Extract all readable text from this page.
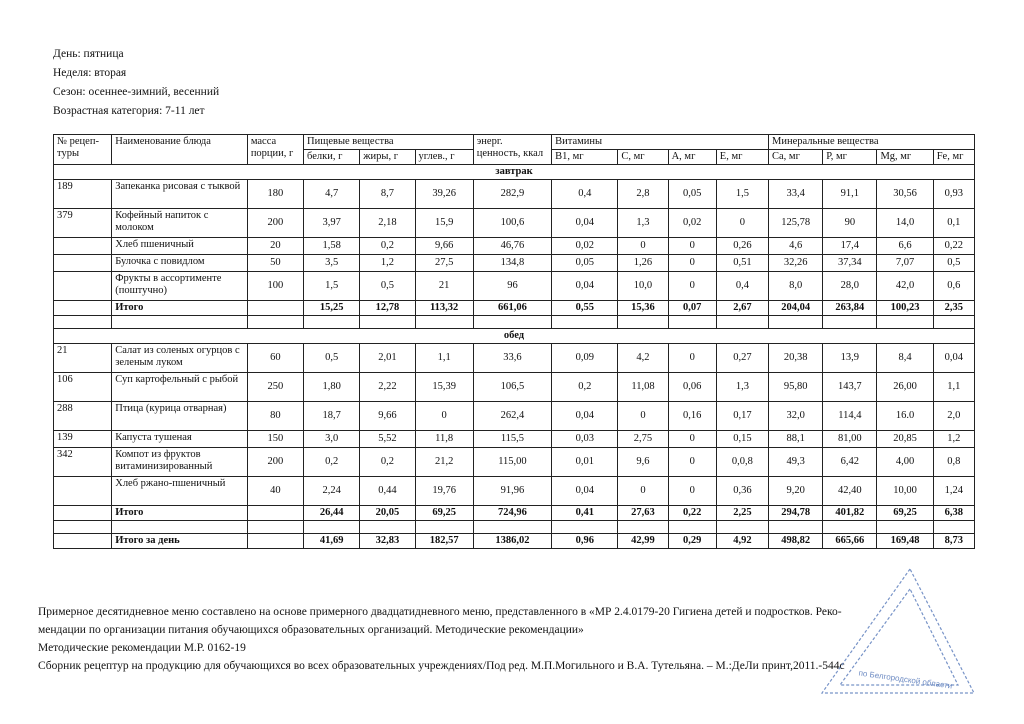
День: пятница
Неделя: вторая
Сезон: осеннее-зимний, весенний
Возрастная категория: 7-11 лет
№ рецеп-туры	Наименование блюда	масса порции, г	Пищевые вещества			энерг. ценность, ккал	Витамины				Минеральные вещества			
			белки, г	жиры, г	углев., г		В1, мг	С, мг	А, мг	Е, мг	Са, мг	Р, мг	Mg, мг	Fe, мг
завтрак														
189	Запеканка рисовая с тыквой	180	4,7	8,7	39,26	282,9	0,4	2,8	0,05	1,5	33,4	91,1	30,56	0,93
379	Кофейный напиток с молоком	200	3,97	2,18	15,9	100,6	0,04	1,3	0,02	0	125,78	90	14,0	0,1
	Хлеб пшеничный	20	1,58	0,2	9,66	46,76	0,02	0	0	0,26	4,6	17,4	6,6	0,22
	Булочка с повидлом	50	3,5	1,2	27,5	134,8	0,05	1,26	0	0,51	32,26	37,34	7,07	0,5
	Фрукты в ассортименте (поштучно)	100	1,5	0,5	21	96	0,04	10,0	0	0,4	8,0	28,0	42,0	0,6
	Итого		15,25	12,78	113,32	661,06	0,55	15,36	0,07	2,67	204,04	263,84	100,23	2,35

обед														
21	Салат из соленых огурцов с зеленым луком	60	0,5	2,01	1,1	33,6	0,09	4,2	0	0,27	20,38	13,9	8,4	0,04
106	Суп картофельный с рыбой	250	1,80	2,22	15,39	106,5	0,2	11,08	0,06	1,3	95,80	143,7	26,00	1,1
288	Птица (курица отварная)	80	18,7	9,66	0	262,4	0,04	0	0,16	0,17	32,0	114,4	16.0	2,0
139	Капуста тушеная	150	3,0	5,52	11,8	115,5	0,03	2,75	0	0,15	88,1	81,00	20,85	1,2
342	Компот из фруктов витаминизированный	200	0,2	0,2	21,2	115,00	0,01	9,6	0	0,0,8	49,3	6,42	4,00	0,8
	Хлеб ржано-пшеничный	40	2,24	0,44	19,76	91,96	0,04	0	0	0,36	9,20	42,40	10,00	1,24
	Итого		26,44	20,05	69,25	724,96	0,41	27,63	0,22	2,25	294,78	401,82	69,25	6,38

	Итого за день		41,69	32,83	182,57	1386,02	0,96	42,99	0,29	4,92	498,82	665,66	169,48	8,73
Примерное десятидневное меню составлено на основе примерного двадцатидневного меню, представленного в «МР 2.4.0179-20 Гигиена детей и подростков. Реко-
мендации по организации питания обучающихся образовательных организаций. Методические рекомендации»
Методические рекомендации М.Р. 0162-19
Сборник рецептур на продукцию для обучающихся во всех образовательных учреждениях/Под ред. М.П.Могильного и В.А. Тутельяна. – М.:ДеЛи принт,2011.-544с
по Белгородской области
